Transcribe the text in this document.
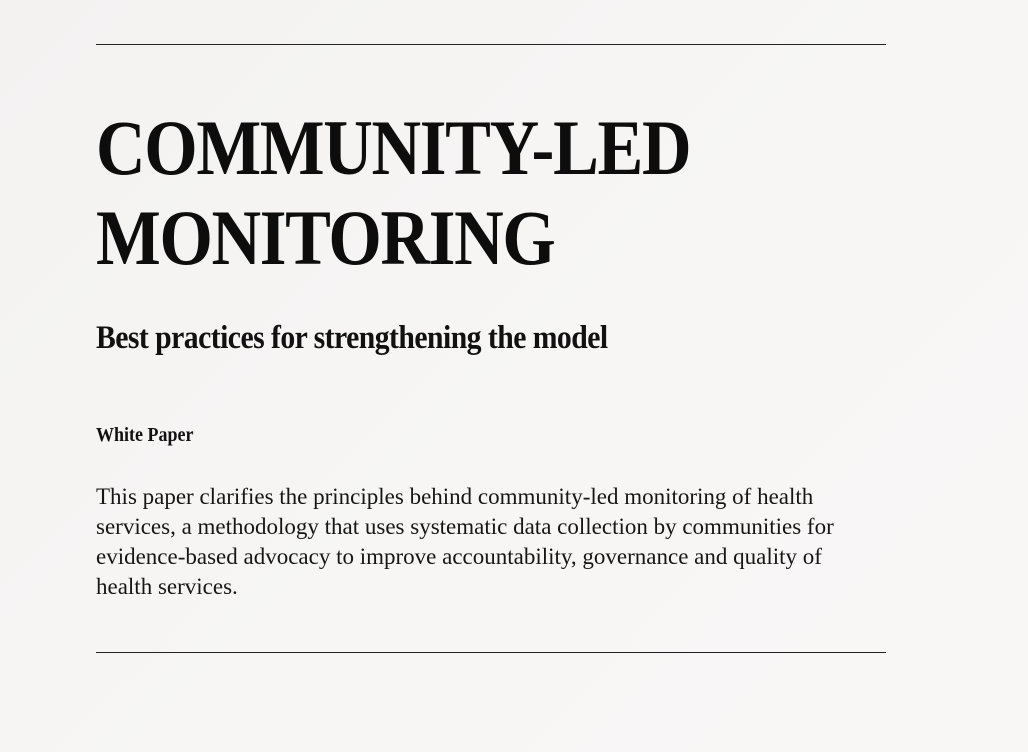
COMMUNITY-LED
MONITORING
Best practices for strengthening the model
White Paper

This paper clarifies the principles behind community-led monitoring of health services, a methodology that uses systematic data collection by communities for evidence-based advocacy to improve accountability, governance and quality of health services.
